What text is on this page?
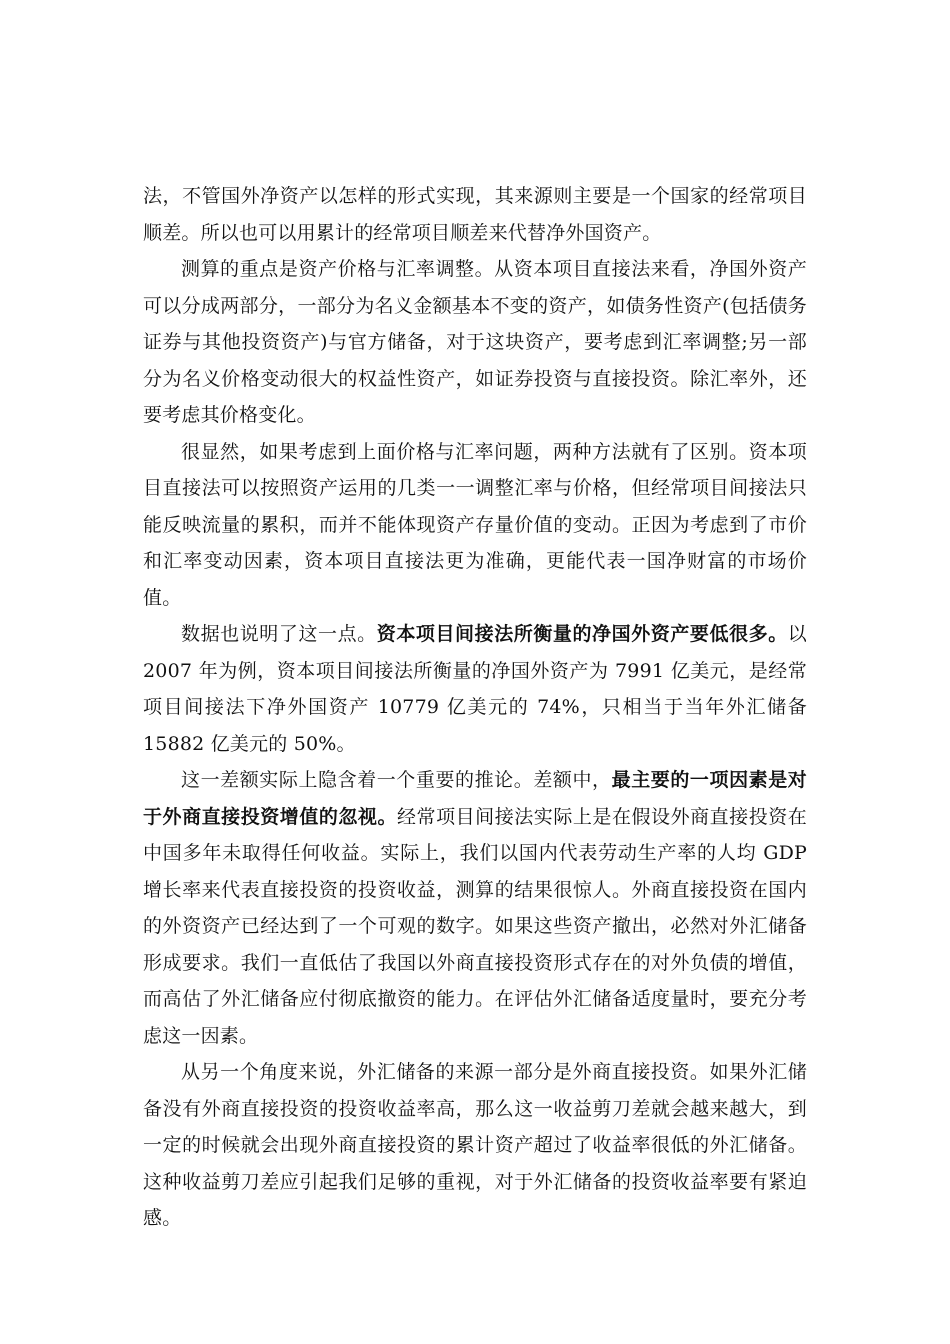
法，不管国外净资产以怎样的形式实现，其来源则主要是一个国家的经常项目顺差。所以也可以用累计的经常项目顺差来代替净外国资产。

测算的重点是资产价格与汇率调整。从资本项目直接法来看，净国外资产可以分成两部分，一部分为名义金额基本不变的资产，如债务性资产(包括债务证券与其他投资资产)与官方储备，对于这块资产，要考虑到汇率调整;另一部分为名义价格变动很大的权益性资产，如证券投资与直接投资。除汇率外，还要考虑其价格变化。

很显然，如果考虑到上面价格与汇率问题，两种方法就有了区别。资本项目直接法可以按照资产运用的几类一一调整汇率与价格，但经常项目间接法只能反映流量的累积，而并不能体现资产存量价值的变动。正因为考虑到了市价和汇率变动因素，资本项目直接法更为准确，更能代表一国净财富的市场价值。

数据也说明了这一点。资本项目间接法所衡量的净国外资产要低很多。以 2007 年为例，资本项目间接法所衡量的净国外资产为 7991 亿美元，是经常项目间接法下净外国资产 10779 亿美元的 74%，只相当于当年外汇储备 15882 亿美元的 50%。

这一差额实际上隐含着一个重要的推论。差额中，最主要的一项因素是对于外商直接投资增值的忽视。经常项目间接法实际上是在假设外商直接投资在中国多年未取得任何收益。实际上，我们以国内代表劳动生产率的人均 GDP 增长率来代表直接投资的投资收益，测算的结果很惊人。外商直接投资在国内的外资资产已经达到了一个可观的数字。如果这些资产撤出，必然对外汇储备形成要求。我们一直低估了我国以外商直接投资形式存在的对外负债的增值，而高估了外汇储备应付彻底撤资的能力。在评估外汇储备适度量时，要充分考虑这一因素。

从另一个角度来说，外汇储备的来源一部分是外商直接投资。如果外汇储备没有外商直接投资的投资收益率高，那么这一收益剪刀差就会越来越大，到一定的时候就会出现外商直接投资的累计资产超过了收益率很低的外汇储备。这种收益剪刀差应引起我们足够的重视，对于外汇储备的投资收益率要有紧迫感。
